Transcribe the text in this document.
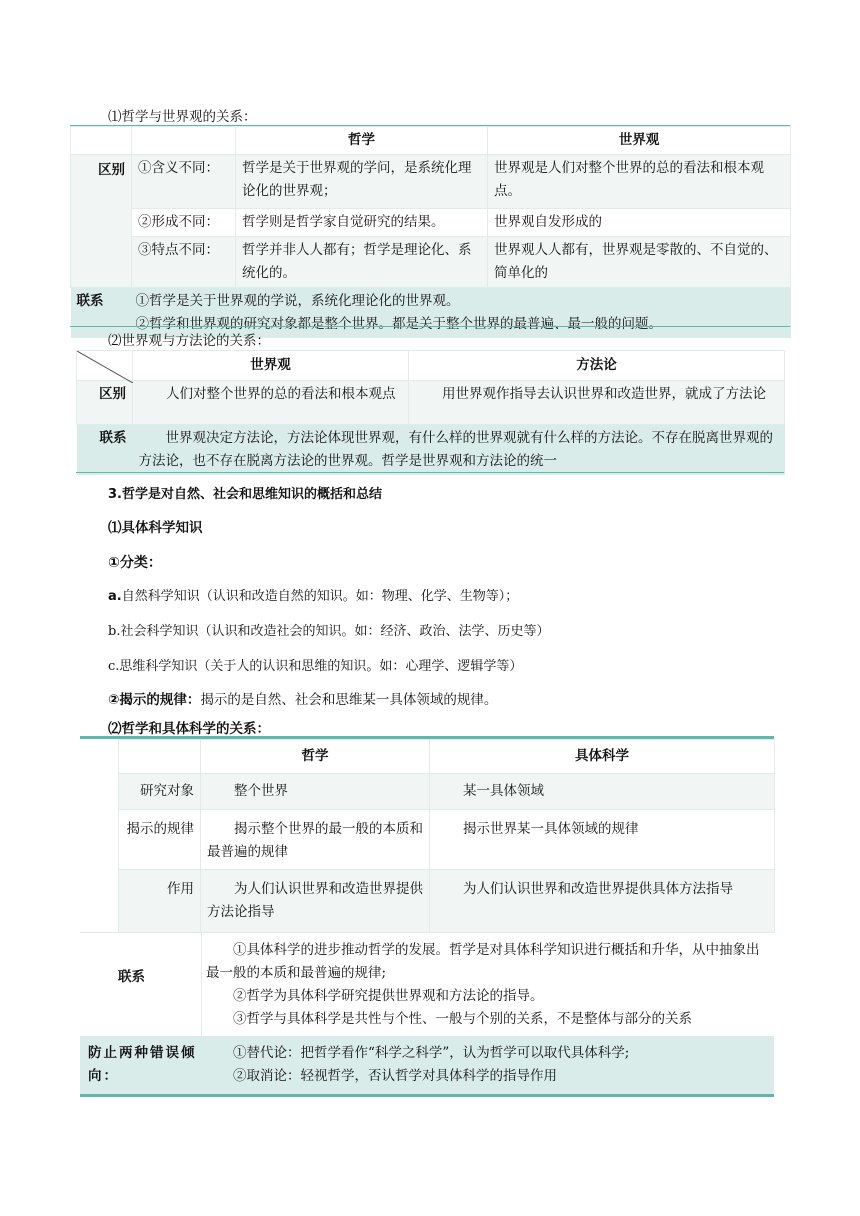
⑴哲学与世界观的关系：
		哲学	世界观

区别	①含义不同：	哲学是关于世界观的学问，是系统化理论化的世界观；	世界观是人们对整个世界的总的看法和根本观点。
	②形成不同：	哲学则是哲学家自觉研究的结果。	世界观自发形成的
	③特点不同：	哲学并非人人都有；哲学是理论化、系统化的。	世界观人人都有，世界观是零散的、不自觉的、简单化的
联系	①哲学是关于世界观的学说，系统化理论化的世界观。
②哲学和世界观的研究对象都是整个世界。都是关于整个世界的最普遍、最一般的问题。		
⑵世界观与方法论的关系：
	世界观	方法论
区别	人们对整个世界的总的看法和根本观点	用世界观作指导去认识世界和改造世界，就成了方法论
联系	世界观决定方法论，方法论体现世界观，有什么样的世界观就有什么样的方法论。不存在脱离世界观的方法论，也不存在脱离方法论的世界观。哲学是世界观和方法论的统一	
3.哲学是对自然、社会和思维知识的概括和总结
⑴具体科学知识
①分类：
a.自然科学知识（认识和改造自然的知识。如：物理、化学、生物等）；
b.社会科学知识（认识和改造社会的知识。如：经济、政治、法学、历史等）
c.思维科学知识（关于人的认识和思维的知识。如：心理学、逻辑学等）
②揭示的规律：揭示的是自然、社会和思维某一具体领域的规律。
⑵哲学和具体科学的关系：
	哲学	具体科学
研究对象	整个世界	某一具体领域
揭示的规律	揭示整个世界的最一般的本质和最普遍的规律	揭示世界某一具体领域的规律
作用	为人们认识世界和改造世界提供方法论指导	为人们认识世界和改造世界提供具体方法指导
联系
①具体科学的进步推动哲学的发展。哲学是对具体科学知识进行概括和升华，从中抽象出最一般的本质和最普遍的规律;
②哲学为具体科学研究提供世界观和方法论的指导。
③哲学与具体科学是共性与个性、一般与个别的关系，不是整体与部分的关系
防止两种错误倾向：
①替代论：把哲学看作“科学之科学”，认为哲学可以取代具体科学;
②取消论：轻视哲学，否认哲学对具体科学的指导作用
